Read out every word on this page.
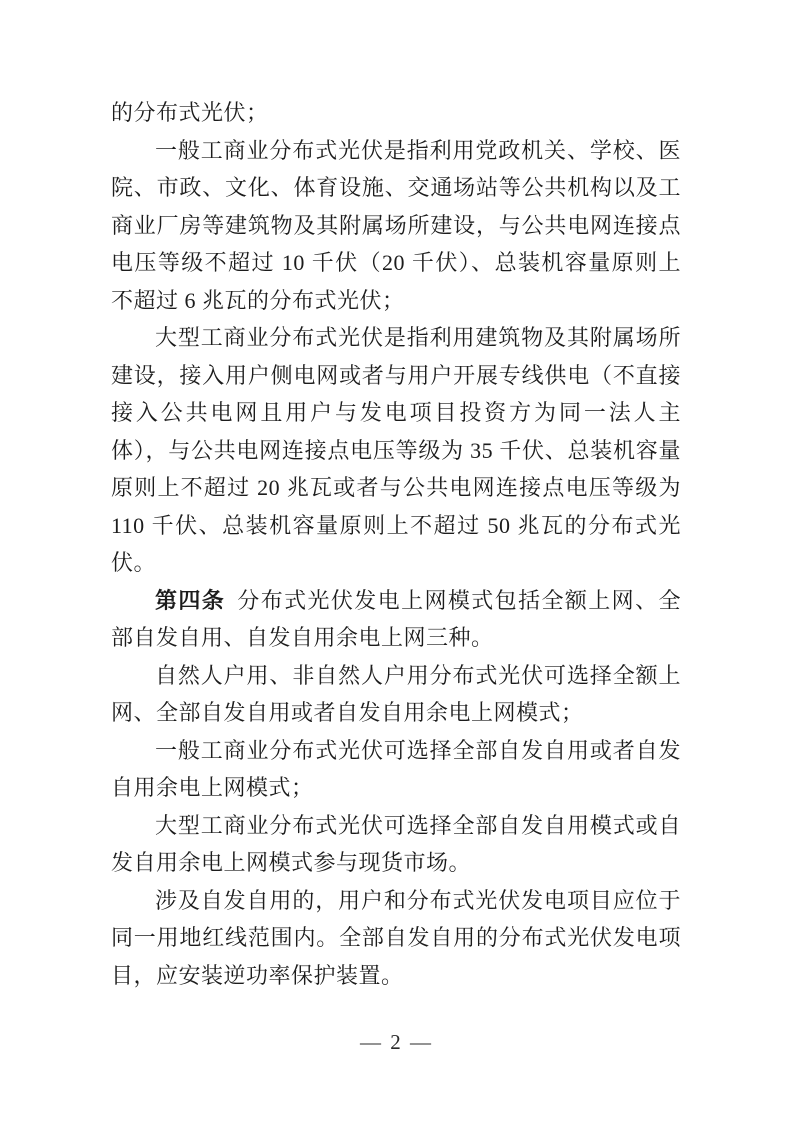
的分布式光伏；

一般工商业分布式光伏是指利用党政机关、学校、医院、市政、文化、体育设施、交通场站等公共机构以及工商业厂房等建筑物及其附属场所建设，与公共电网连接点电压等级不超过 10 千伏（20 千伏）、总装机容量原则上不超过 6 兆瓦的分布式光伏；

大型工商业分布式光伏是指利用建筑物及其附属场所建设，接入用户侧电网或者与用户开展专线供电（不直接接入公共电网且用户与发电项目投资方为同一法人主体），与公共电网连接点电压等级为 35 千伏、总装机容量原则上不超过 20 兆瓦或者与公共电网连接点电压等级为 110 千伏、总装机容量原则上不超过 50 兆瓦的分布式光伏。

第四条 分布式光伏发电上网模式包括全额上网、全部自发自用、自发自用余电上网三种。

自然人户用、非自然人户用分布式光伏可选择全额上网、全部自发自用或者自发自用余电上网模式；

一般工商业分布式光伏可选择全部自发自用或者自发自用余电上网模式；

大型工商业分布式光伏可选择全部自发自用模式或自发自用余电上网模式参与现货市场。

涉及自发自用的，用户和分布式光伏发电项目应位于同一用地红线范围内。全部自发自用的分布式光伏发电项目，应安装逆功率保护装置。

— 2 —
